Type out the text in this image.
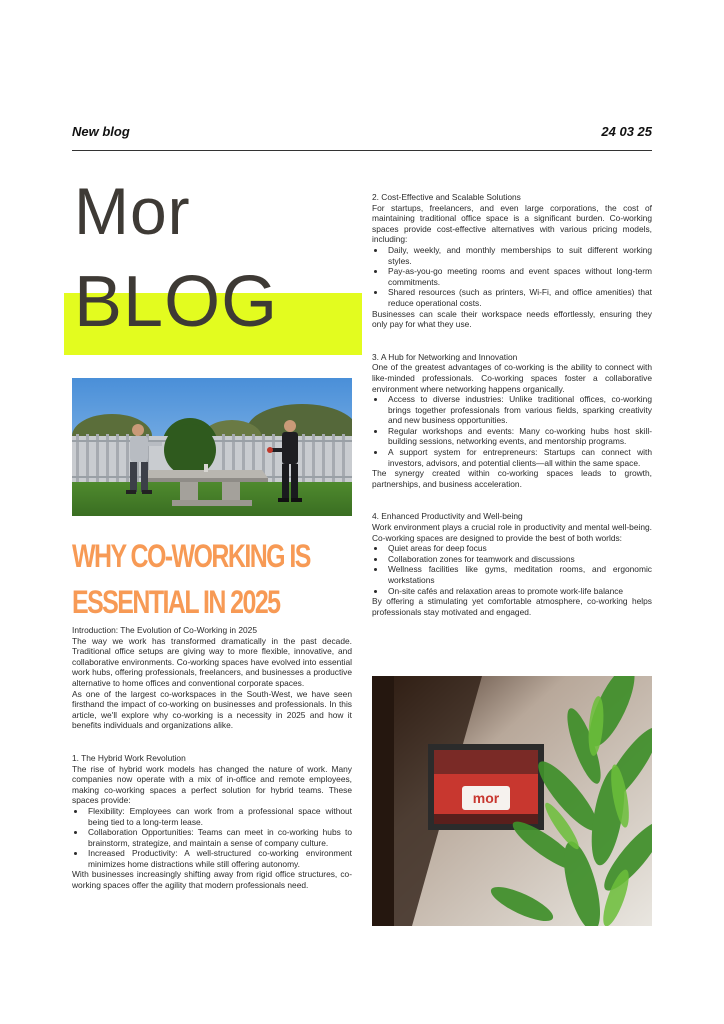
New blog	24 03 25
Mor
BLOG
WHY CO-WORKING IS
ESSENTIAL IN 2025

Introduction: The Evolution of Co-Working in 2025

The way we work has transformed dramatically in the past decade. Traditional office setups are giving way to more flexible, innovative, and collaborative environments. Co-working spaces have evolved into essential work hubs, offering professionals, freelancers, and businesses a productive alternative to home offices and conventional corporate spaces.

As one of the largest co-workspaces in the South-West, we have seen firsthand the impact of co-working on businesses and professionals. In this article, we'll explore why co-working is a necessity in 2025 and how it benefits individuals and organizations alike.

1. The Hybrid Work Revolution

The rise of hybrid work models has changed the nature of work. Many companies now operate with a mix of in-office and remote employees, making co-working spaces a perfect solution for hybrid teams. These spaces provide:

• Flexibility: Employees can work from a professional space without being tied to a long-term lease.
• Collaboration Opportunities: Teams can meet in co-working hubs to brainstorm, strategize, and maintain a sense of company culture.
• Increased Productivity: A well-structured co-working environment minimizes home distractions while still offering autonomy.

With businesses increasingly shifting away from rigid office structures, co-working spaces offer the agility that modern professionals need.

2. Cost-Effective and Scalable Solutions

For startups, freelancers, and even large corporations, the cost of maintaining traditional office space is a significant burden. Co-working spaces provide cost-effective alternatives with various pricing models, including:

• Daily, weekly, and monthly memberships to suit different working styles.
• Pay-as-you-go meeting rooms and event spaces without long-term commitments.
• Shared resources (such as printers, Wi-Fi, and office amenities) that reduce operational costs.

Businesses can scale their workspace needs effortlessly, ensuring they only pay for what they use.

3. A Hub for Networking and Innovation

One of the greatest advantages of co-working is the ability to connect with like-minded professionals. Co-working spaces foster a collaborative environment where networking happens organically.

• Access to diverse industries: Unlike traditional offices, co-working brings together professionals from various fields, sparking creativity and new business opportunities.
• Regular workshops and events: Many co-working hubs host skill-building sessions, networking events, and mentorship programs.
• A support system for entrepreneurs: Startups can connect with investors, advisors, and potential clients—all within the same space.

The synergy created within co-working spaces leads to growth, partnerships, and business acceleration.

4. Enhanced Productivity and Well-being

Work environment plays a crucial role in productivity and mental well-being. Co-working spaces are designed to provide the best of both worlds:

• Quiet areas for deep focus
• Collaboration zones for teamwork and discussions
• Wellness facilities like gyms, meditation rooms, and ergonomic workstations
• On-site cafés and relaxation areas to promote work-life balance

By offering a stimulating yet comfortable atmosphere, co-working helps professionals stay motivated and engaged.

mor
